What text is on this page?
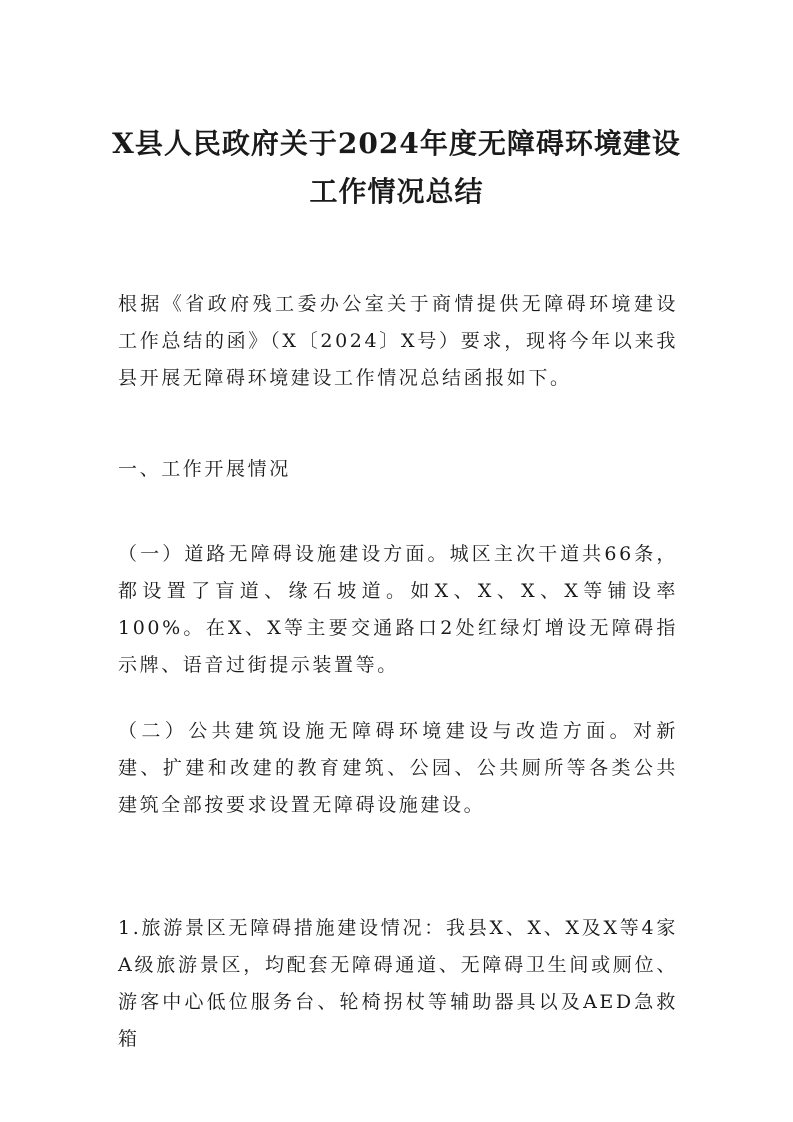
X县人民政府关于2024年度无障碍环境建设工作情况总结

根据《省政府残工委办公室关于商情提供无障碍环境建设工作总结的函》（X〔2024〕X号）要求，现将今年以来我县开展无障碍环境建设工作情况总结函报如下。

一、工作开展情况

（一）道路无障碍设施建设方面。城区主次干道共66条，都设置了盲道、缘石坡道。如X、X、X、X等铺设率100%。在X、X等主要交通路口2处红绿灯增设无障碍指示牌、语音过街提示装置等。

（二）公共建筑设施无障碍环境建设与改造方面。对新建、扩建和改建的教育建筑、公园、公共厕所等各类公共建筑全部按要求设置无障碍设施建设。

1.旅游景区无障碍措施建设情况：我县X、X、X及X等4家A级旅游景区，均配套无障碍通道、无障碍卫生间或厕位、游客中心低位服务台、轮椅拐杖等辅助器具以及AED急救箱
